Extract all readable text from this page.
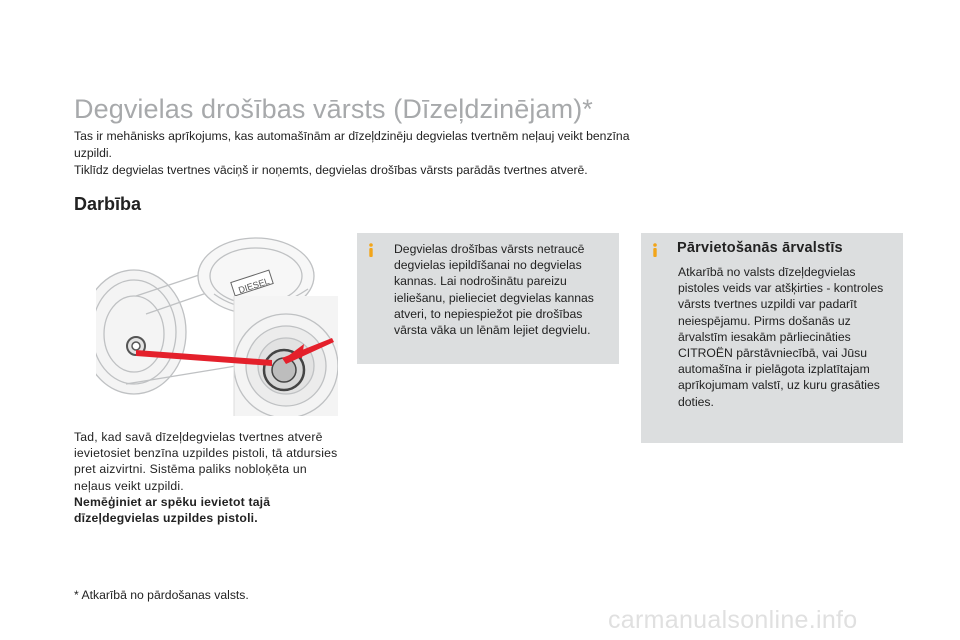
Degvielas drošības vārsts (Dīzeļdzinējam)*

Tas ir mehānisks aprīkojums, kas automašīnām ar dīzeļdzinēju degvielas tvertnēm neļauj veikt benzīna uzpildi.

Tiklīdz degvielas tvertnes vāciņš ir noņemts, degvielas drošības vārsts parādās tvertnes atverē.

Darbība
DIESEL
Tad, kad savā dīzeļdegvielas tvertnes atverē ievietosiet benzīna uzpildes pistoli, tā atdursies pret aizvirtni. Sistēma paliks nobloķēta un neļaus veikt uzpildi.
Nemēģiniet ar spēku ievietot tajā dīzeļdegvielas uzpildes pistoli.
* Atkarībā no pārdošanas valsts.
Degvielas drošības vārsts netraucē degvielas iepildīšanai no degvielas kannas. Lai nodrošinātu pareizu ieliešanu, pielieciet degvielas kannas atveri, to nepiespiežot pie drošības vārsta vāka un lēnām lejiet degvielu.
Pārvietošanās ārvalstīs
Atkarībā no valsts dīzeļdegvielas pistoles veids var atšķirties - kontroles vārsts tvertnes uzpildi var padarīt neiespējamu. Pirms došanās uz ārvalstīm iesakām pārliecināties CITROËN pārstāvniecībā, vai Jūsu automašīna ir pielāgota izplatītajam aprīkojumam valstī, uz kuru grasāties doties.
carmanualsonline.info
